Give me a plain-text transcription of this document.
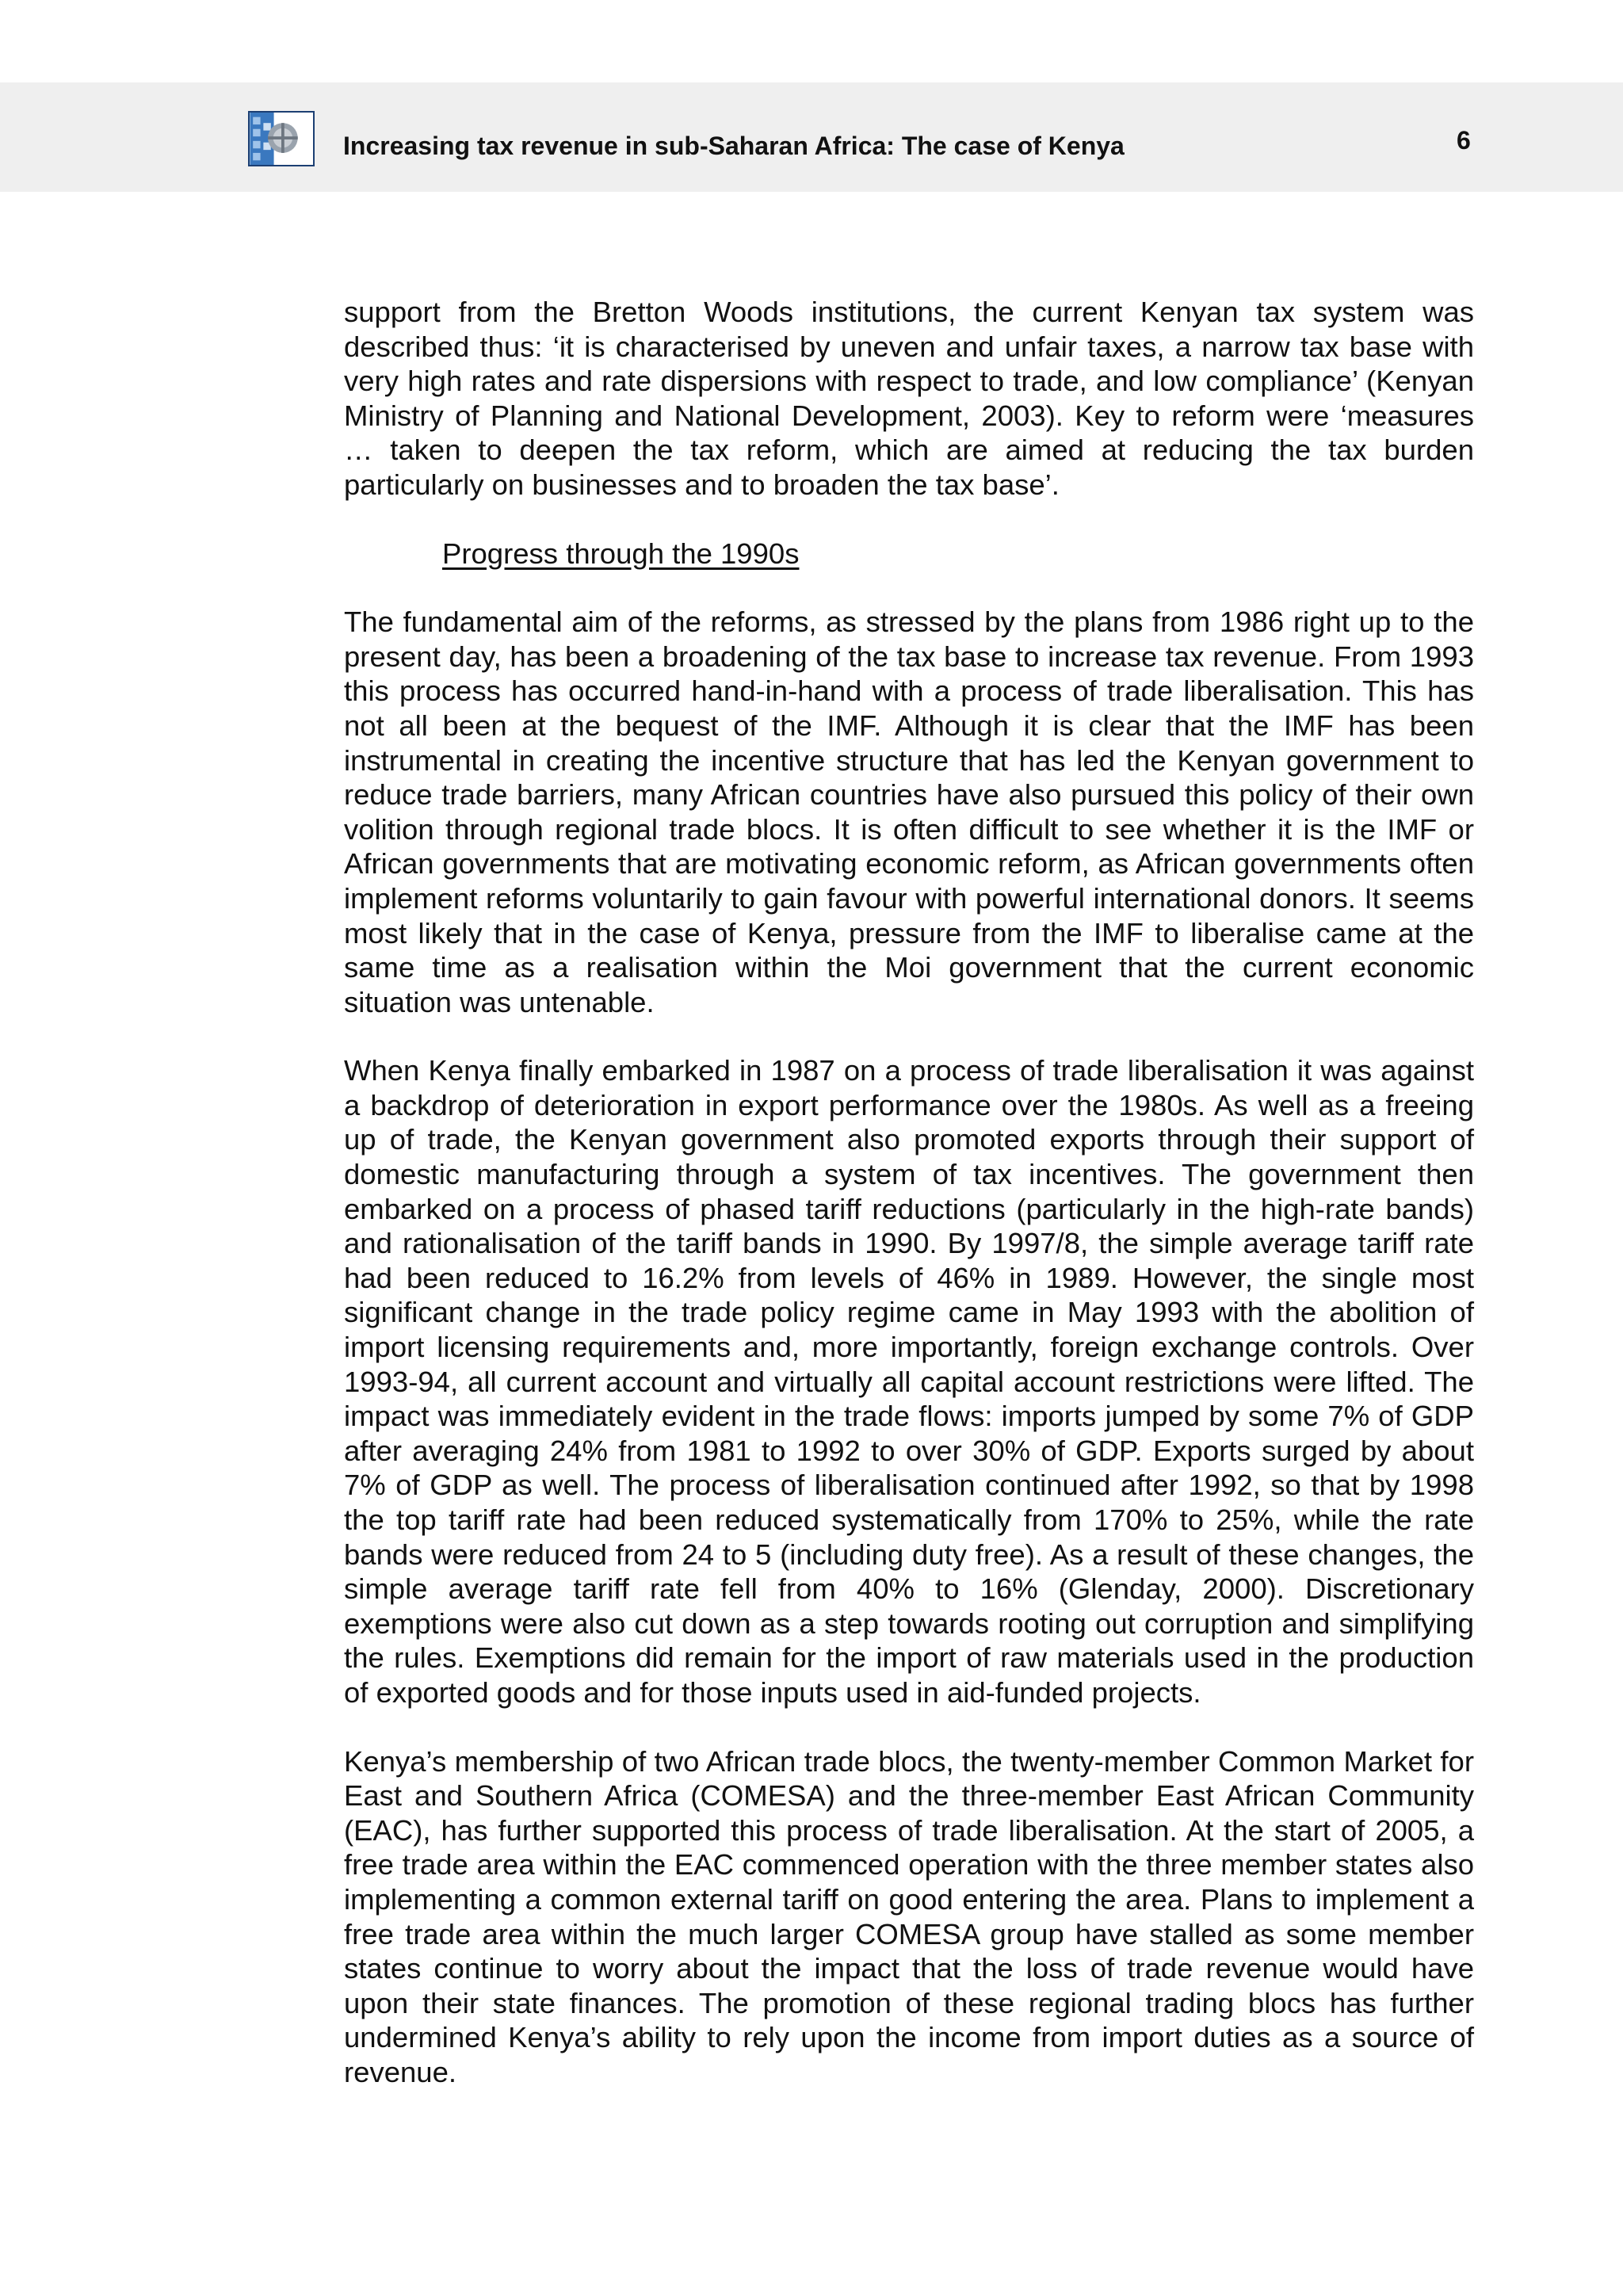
Increasing tax revenue in sub-Saharan Africa: The case of Kenya	6

support from the Bretton Woods institutions, the current Kenyan tax system was described thus: ‘it is characterised by uneven and unfair taxes, a narrow tax base with very high rates and rate dispersions with respect to trade, and low compliance’ (Kenyan Ministry of Planning and National Development, 2003). Key to reform were ‘measures … taken to deepen the tax reform, which are aimed at reducing the tax burden particularly on businesses and to broaden the tax base’.

Progress through the 1990s

The fundamental aim of the reforms, as stressed by the plans from 1986 right up to the present day, has been a broadening of the tax base to increase tax revenue. From 1993 this process has occurred hand-in-hand with a process of trade liberalisation. This has not all been at the bequest of the IMF. Although it is clear that the IMF has been instrumental in creating the incentive structure that has led the Kenyan government to reduce trade barriers, many African countries have also pursued this policy of their own volition through regional trade blocs. It is often difficult to see whether it is the IMF or African governments that are motivating economic reform, as African governments often implement reforms voluntarily to gain favour with powerful international donors. It seems most likely that in the case of Kenya, pressure from the IMF to liberalise came at the same time as a realisation within the Moi government that the current economic situation was untenable.

When Kenya finally embarked in 1987 on a process of trade liberalisation it was against a backdrop of deterioration in export performance over the 1980s. As well as a freeing up of trade, the Kenyan government also promoted exports through their support of domestic manufacturing through a system of tax incentives. The government then embarked on a process of phased tariff reductions (particularly in the high-rate bands) and rationalisation of the tariff bands in 1990. By 1997/8, the simple average tariff rate had been reduced to 16.2% from levels of 46% in 1989. However, the single most significant change in the trade policy regime came in May 1993 with the abolition of import licensing requirements and, more importantly, foreign exchange controls. Over 1993-94, all current account and virtually all capital account restrictions were lifted. The impact was immediately evident in the trade flows: imports jumped by some 7% of GDP after averaging 24% from 1981 to 1992 to over 30% of GDP. Exports surged by about 7% of GDP as well. The process of liberalisation continued after 1992, so that by 1998 the top tariff rate had been reduced systematically from 170% to 25%, while the rate bands were reduced from 24 to 5 (including duty free). As a result of these changes, the simple average tariff rate fell from 40% to 16% (Glenday, 2000). Discretionary exemptions were also cut down as a step towards rooting out corruption and simplifying the rules. Exemptions did remain for the import of raw materials used in the production of exported goods and for those inputs used in aid-funded projects.

Kenya’s membership of two African trade blocs, the twenty-member Common Market for East and Southern Africa (COMESA) and the three-member East African Community (EAC), has further supported this process of trade liberalisation. At the start of 2005, a free trade area within the EAC commenced operation with the three member states also implementing a common external tariff on good entering the area. Plans to implement a free trade area within the much larger COMESA group have stalled as some member states continue to worry about the impact that the loss of trade revenue would have upon their state finances. The promotion of these regional trading blocs has further undermined Kenya’s ability to rely upon the income from import duties as a source of revenue.
